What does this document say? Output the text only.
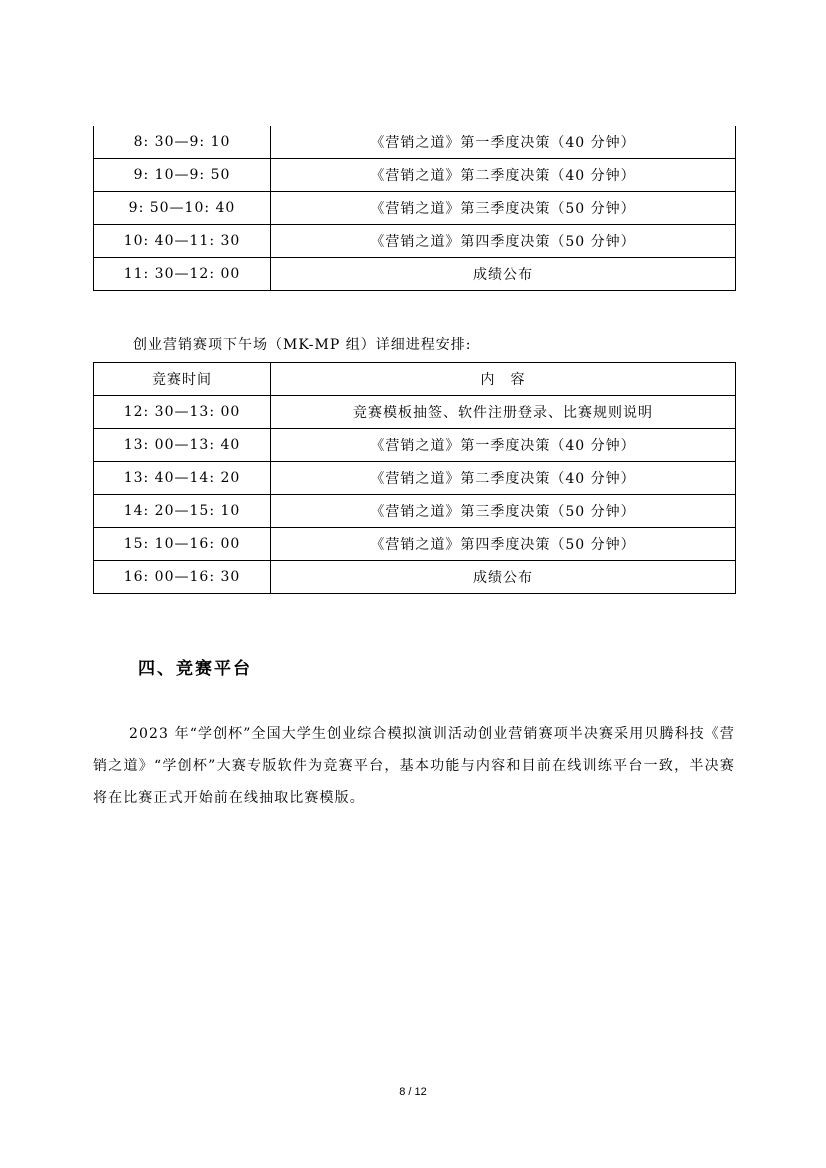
8: 30—9: 10	《营销之道》第一季度决策（40 分钟）
9: 10—9: 50	《营销之道》第二季度决策（40 分钟）
9: 50—10: 40	《营销之道》第三季度决策（50 分钟）
10: 40—11: 30	《营销之道》第四季度决策（50 分钟）
11: 30—12: 00	成绩公布
创业营销赛项下午场（MK-MP 组）详细进程安排:
竞赛时间	内　容
12: 30—13: 00	竞赛模板抽签、软件注册登录、比赛规则说明
13: 00—13: 40	《营销之道》第一季度决策（40 分钟）
13: 40—14: 20	《营销之道》第二季度决策（40 分钟）
14: 20—15: 10	《营销之道》第三季度决策（50 分钟）
15: 10—16: 00	《营销之道》第四季度决策（50 分钟）
16: 00—16: 30	成绩公布
四、竞赛平台

2023 年“学创杯”全国大学生创业综合模拟演训活动创业营销赛项半决赛采用贝腾科技《营销之道》“学创杯”大赛专版软件为竞赛平台，基本功能与内容和目前在线训练平台一致，半决赛将在比赛正式开始前在线抽取比赛模版。

8 / 12
